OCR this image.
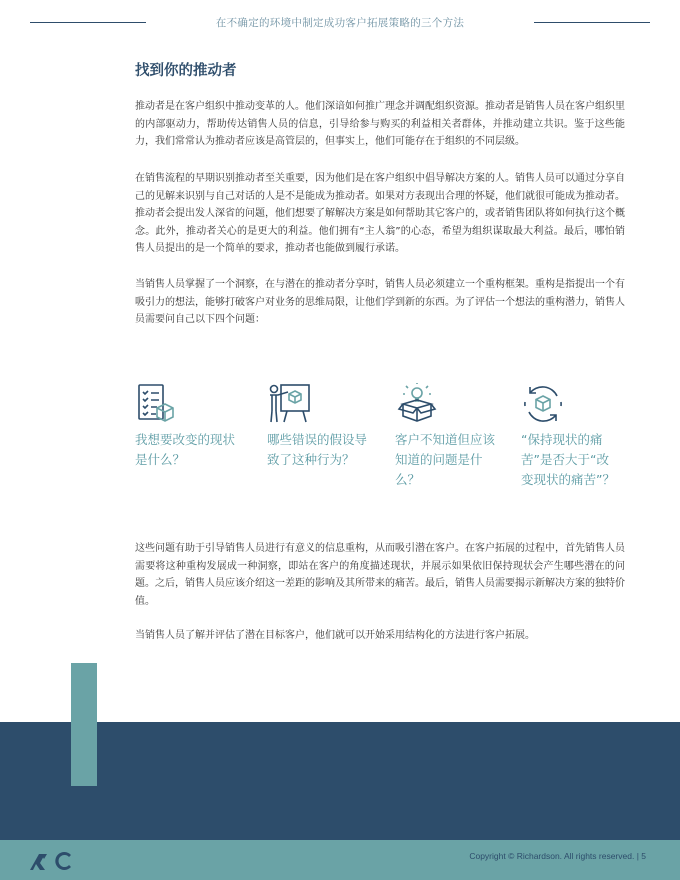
在不确定的环境中制定成功客户拓展策略的三个方法
找到你的推动者

推动者是在客户组织中推动变革的人。他们深谙如何推广理念并调配组织资源。推动者是销售人员在客户组织里的内部驱动力，帮助传达销售人员的信息，引导给参与购买的利益相关者群体，并推动建立共识。鉴于这些能力，我们常常认为推动者应该是高管层的，但事实上，他们可能存在于组织的不同层级。

在销售流程的早期识别推动者至关重要，因为他们是在客户组织中倡导解决方案的人。销售人员可以通过分享自己的见解来识别与自己对话的人是不是能成为推动者。如果对方表现出合理的怀疑，他们就很可能成为推动者。推动者会提出发人深省的问题，他们想要了解解决方案是如何帮助其它客户的，或者销售团队将如何执行这个概念。此外，推动者关心的是更大的利益。他们拥有“主人翁”的心态，希望为组织谋取最大利益。最后，哪怕销售人员提出的是一个简单的要求，推动者也能做到履行承诺。

当销售人员掌握了一个洞察，在与潜在的推动者分享时，销售人员必须建立一个重构框架。重构是指提出一个有吸引力的想法，能够打破客户对业务的思维局限，让他们学到新的东西。为了评估一个想法的重构潜力，销售人员需要问自己以下四个问题：

我想要改变的现状是什么？
哪些错误的假设导致了这种行为？
客户不知道但应该知道的问题是什么？
“保持现状的痛苦”是否大于“改变现状的痛苦”？

这些问题有助于引导销售人员进行有意义的信息重构，从而吸引潜在客户。在客户拓展的过程中，首先销售人员需要将这种重构发展成一种洞察，即站在客户的角度描述现状，并展示如果依旧保持现状会产生哪些潜在的问题。之后，销售人员应该介绍这一差距的影响及其所带来的痛苦。最后，销售人员需要揭示新解决方案的独特价值。

当销售人员了解并评估了潜在目标客户，他们就可以开始采用结构化的方法进行客户拓展。

Copyright © Richardson. All rights reserved. | 5
